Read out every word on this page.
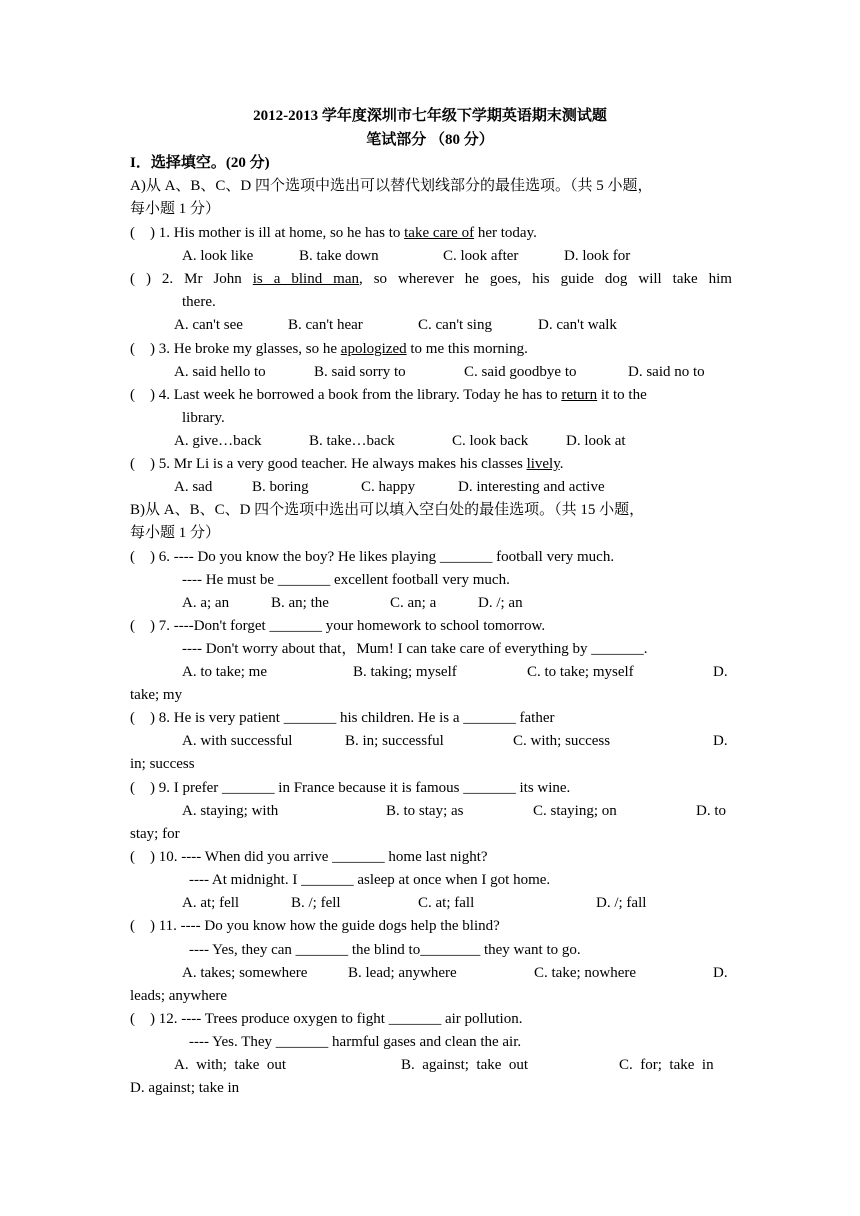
2012-2013 学年度深圳市七年级下学期英语期末测试题
笔试部分 （80 分）
I．选择填空。(20 分)
A)从 A、B、C、D 四个选项中选出可以替代划线部分的最佳选项。（共 5 小题，
每小题 1 分）
(    ) 1. His mother is ill at home, so he has to take care of her today.
A. look like	B. take down	C. look after	D. look for
( ) 2. Mr John is a blind man, so wherever he goes, his guide dog will take him
there.
A. can't see	B. can't hear	C. can't sing	D. can't walk
(    ) 3. He broke my glasses, so he apologized to me this morning.
A. said hello to	B. said sorry to	C. said goodbye to	D. said no to
(    ) 4. Last week he borrowed a book from the library. Today he has to return it to the
library.
A. give…back	B. take…back	C. look back	D. look at
(    ) 5. Mr Li is a very good teacher. He always makes his classes lively.
A. sad	B. boring	C. happy	D. interesting and active
B)从 A、B、C、D 四个选项中选出可以填入空白处的最佳选项。（共 15 小题，
每小题 1 分）
(    ) 6. ---- Do you know the boy? He likes playing _______ football very much.
---- He must be _______ excellent football very much.
A. a; an	B. an; the	C. an; a	D. /; an
(    ) 7. ----Don't forget _______ your homework to school tomorrow.
---- Don't worry about that，Mum! I can take care of everything by _______.
A. to take; me	B. taking; myself	C. to take; myself	D.
take; my
(    ) 8. He is very patient _______ his children. He is a _______ father
A. with successful	B. in; successful	C. with; success	D.
in; success
(    ) 9. I prefer _______ in France because it is famous _______ its wine.
A. staying; with	B. to stay; as	C. staying; on	D. to
stay; for
(    ) 10. ---- When did you arrive _______ home last night?
---- At midnight. I _______ asleep at once when I got home.
A. at; fell	B. /; fell	C. at; fall	D. /; fall
(    ) 11. ---- Do you know how the guide dogs help the blind?
---- Yes, they can _______ the blind to________ they want to go.
A. takes; somewhere	B. lead; anywhere	C. take; nowhere	D.
leads; anywhere
(    ) 12. ---- Trees produce oxygen to fight _______ air pollution.
---- Yes. They _______ harmful gases and clean the air.
A.  with;  take  out	B.  against;  take  out	C.  for;  take  in
D. against; take in
